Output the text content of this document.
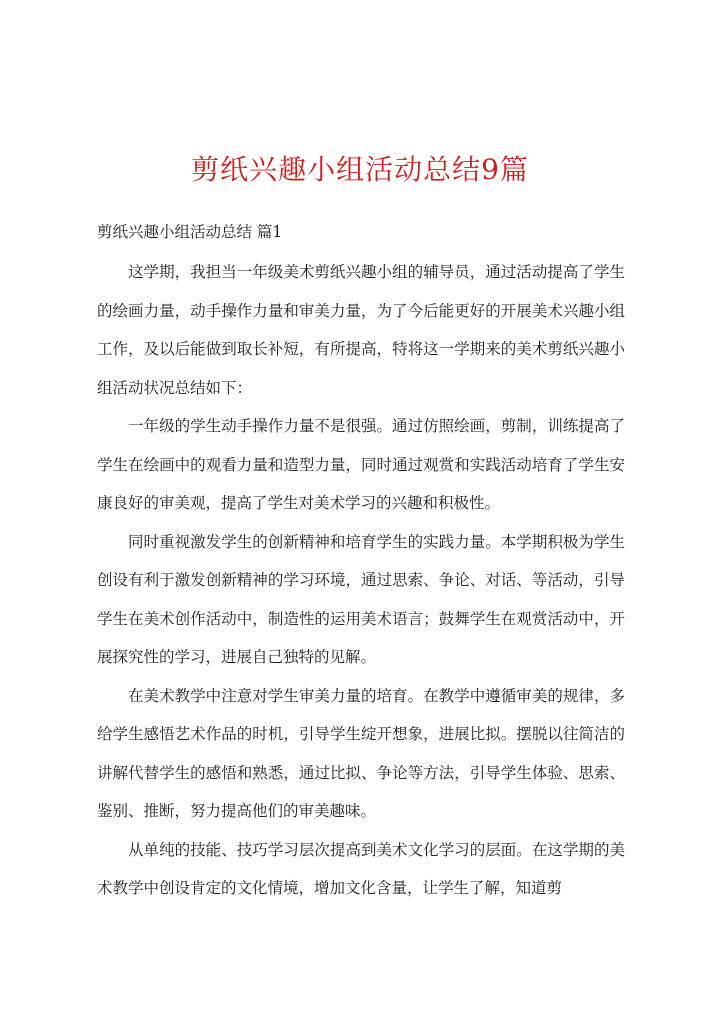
剪纸兴趣小组活动总结9篇
剪纸兴趣小组活动总结 篇1

这学期，我担当一年级美术剪纸兴趣小组的辅导员，通过活动提高了学生的绘画力量，动手操作力量和审美力量，为了今后能更好的开展美术兴趣小组工作，及以后能做到取长补短，有所提高，特将这一学期来的美术剪纸兴趣小组活动状况总结如下：

一年级的学生动手操作力量不是很强。通过仿照绘画，剪制，训练提高了学生在绘画中的观看力量和造型力量，同时通过观赏和实践活动培育了学生安康良好的审美观，提高了学生对美术学习的兴趣和积极性。

同时重视激发学生的创新精神和培育学生的实践力量。本学期积极为学生创设有利于激发创新精神的学习环境，通过思索、争论、对话、等活动，引导学生在美术创作活动中，制造性的运用美术语言；鼓舞学生在观赏活动中，开展探究性的学习，进展自己独特的见解。

在美术教学中注意对学生审美力量的培育。在教学中遵循审美的规律，多给学生感悟艺术作品的时机，引导学生绽开想象，进展比拟。摆脱以往简洁的讲解代替学生的感悟和熟悉，通过比拟、争论等方法，引导学生体验、思索、鉴别、推断，努力提高他们的审美趣味。

从单纯的技能、技巧学习层次提高到美术文化学习的层面。在这学期的美术教学中创设肯定的文化情境，增加文化含量，让学生了解，知道剪
